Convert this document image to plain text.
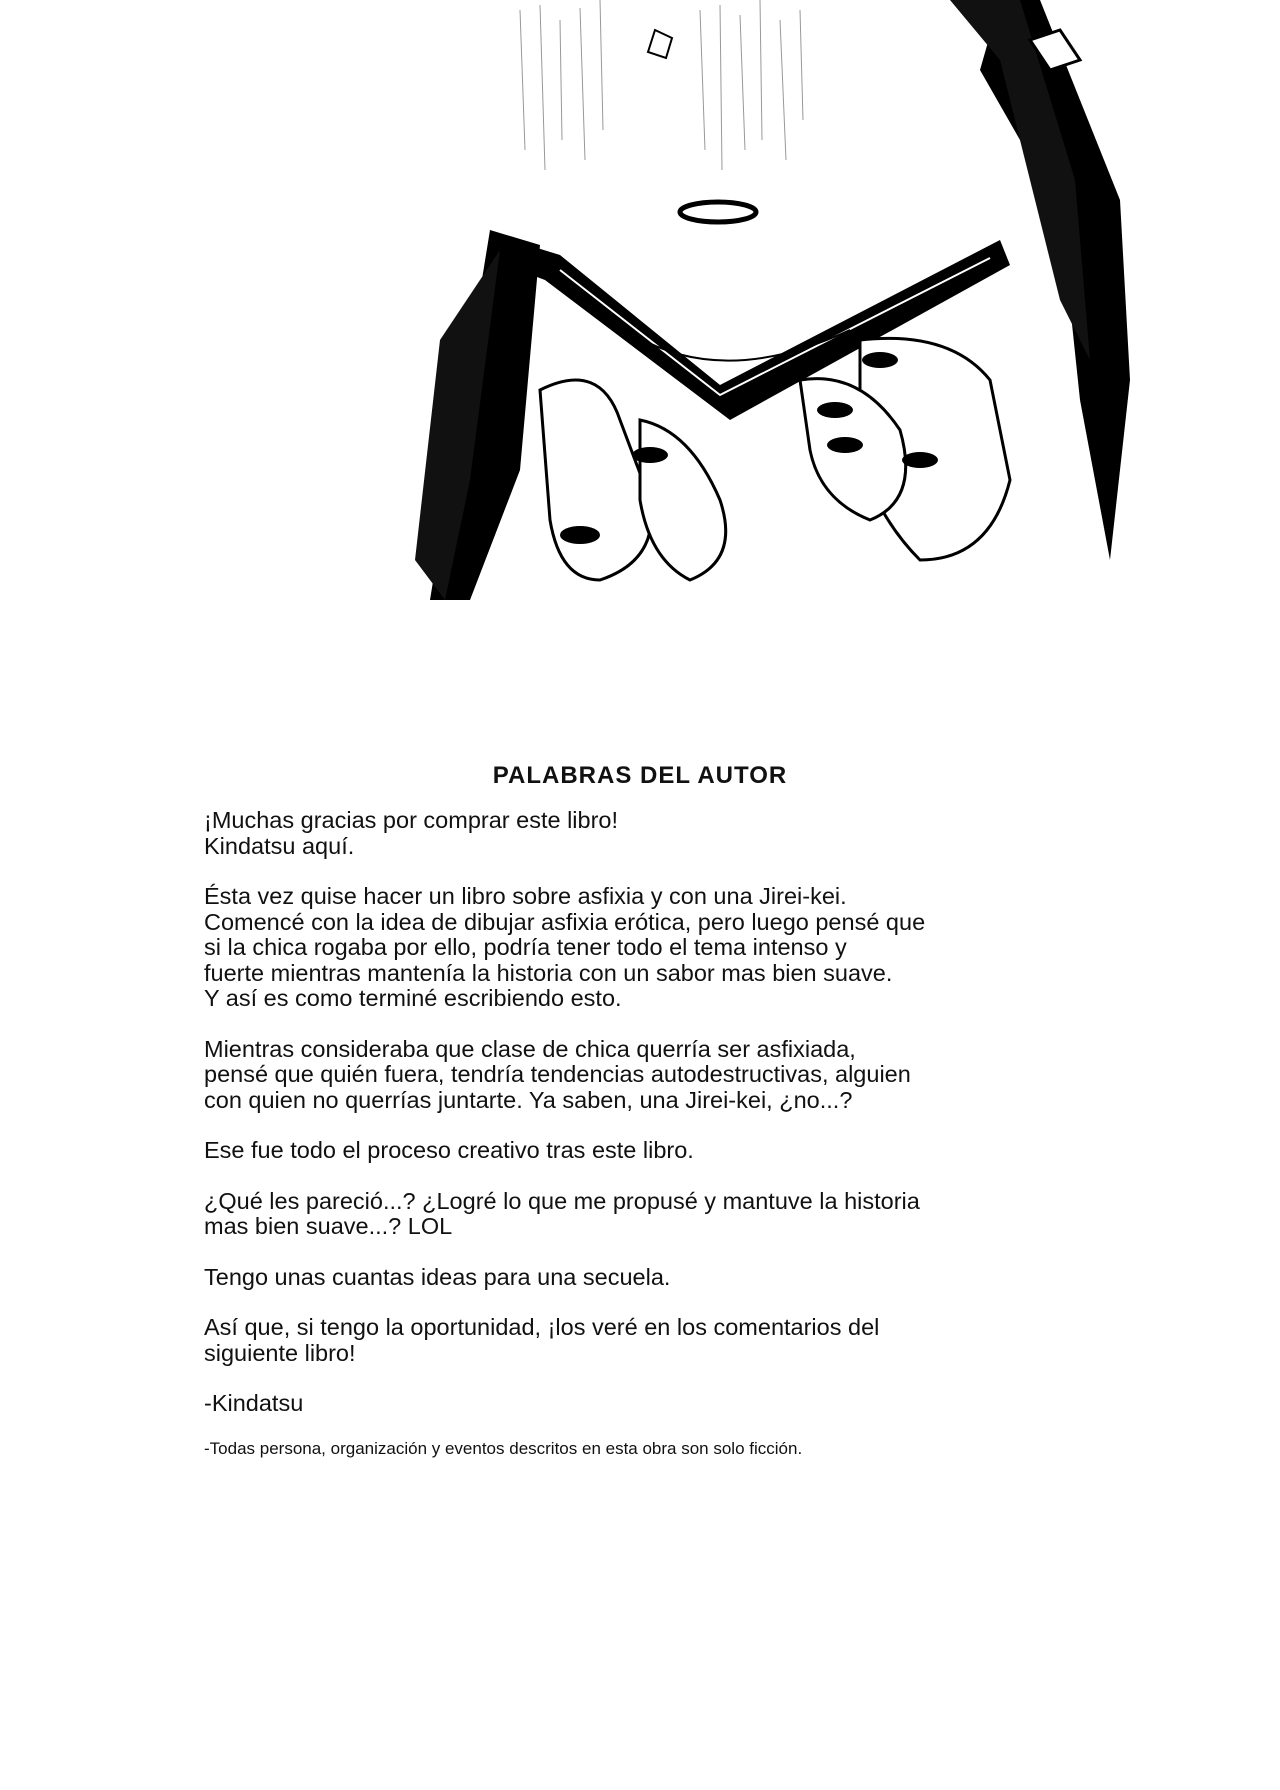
PALABRAS DEL AUTOR
¡Muchas gracias por comprar este libro!
Kindatsu aquí.
Ésta vez quise hacer un libro sobre asfixia y con una Jirei-kei.
Comencé con la idea de dibujar asfixia erótica, pero luego pensé que
si la chica rogaba por ello, podría tener todo el tema intenso y
fuerte mientras mantenía la historia con un sabor mas bien suave.
Y así es como terminé escribiendo esto.
Mientras consideraba que clase de chica querría ser asfixiada,
pensé que quién fuera, tendría tendencias autodestructivas, alguien
con quien no querrías juntarte. Ya saben, una Jirei-kei, ¿no...?
Ese fue todo el proceso creativo tras este libro.
¿Qué les pareció...? ¿Logré lo que me propusé y mantuve la historia
mas bien suave...? LOL
Tengo unas cuantas ideas para una secuela.
Así que, si tengo la oportunidad, ¡los veré en los comentarios del
siguiente libro!
-Kindatsu
-Todas persona, organización y eventos descritos en esta obra son solo ficción.
